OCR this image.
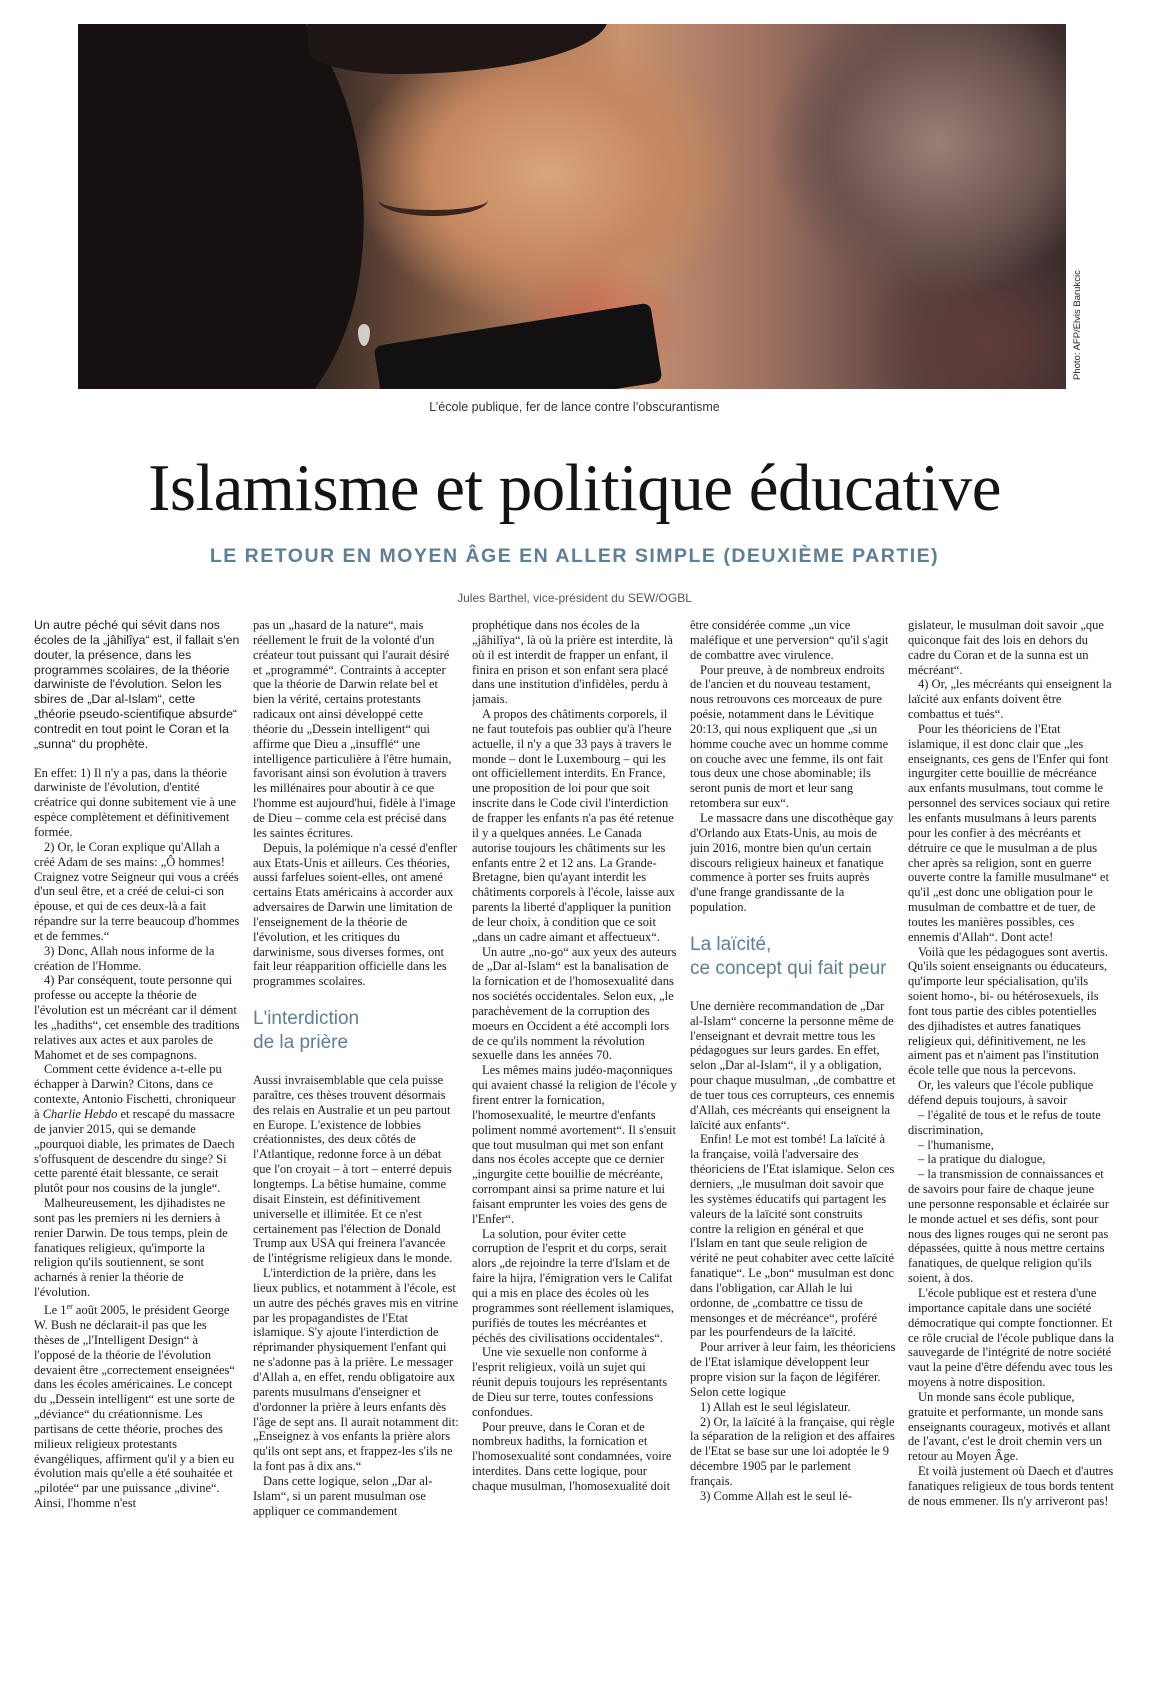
Photo: AFP/Elvis Barukcic
L’école publique, fer de lance contre l’obscurantisme
Islamisme et politique éducative
LE RETOUR EN MOYEN ÂGE EN ALLER SIMPLE (DEUXIÈME PARTIE)
Jules Barthel, vice-président du SEW/OGBL

Un autre péché qui sévit dans nos écoles de la „jâhilîya“ est, il fallait s'en douter, la présence, dans les programmes scolaires, de la théorie darwiniste de l'évolution. Selon les sbires de „Dar al-Islam“, cette „théorie pseudo-scientifique absurde“ contredit en tout point le Coran et la „sunna“ du prophète.

En effet: 1) Il n'y a pas, dans la théorie darwiniste de l'évolution, d'entité créatrice qui donne subitement vie à une espèce complètement et définitivement formée.

2) Or, le Coran explique qu'Allah a créé Adam de ses mains: „Ô hommes! Craignez votre Seigneur qui vous a créés d'un seul être, et a créé de celui-ci son épouse, et qui de ces deux-là a fait répandre sur la terre beaucoup d'hommes et de femmes.“

3) Donc, Allah nous informe de la création de l'Homme.

4) Par conséquent, toute personne qui professe ou accepte la théorie de l'évolution est un mécréant car il dément les „hadiths“, cet ensemble des traditions relatives aux actes et aux paroles de Mahomet et de ses compagnons.

Comment cette évidence a-t-elle pu échapper à Darwin? Citons, dans ce contexte, Antonio Fischetti, chroniqueur à Charlie Hebdo et rescapé du massacre de janvier 2015, qui se demande „pourquoi diable, les primates de Daech s'offusquent de descendre du singe? Si cette parenté était blessante, ce serait plutôt pour nos cousins de la jungle“.

Malheureusement, les djihadistes ne sont pas les premiers ni les derniers à renier Darwin. De tous temps, plein de fanatiques religieux, qu'importe la religion qu'ils soutiennent, se sont acharnés à renier la théorie de l'évolution.

Le 1er août 2005, le président George W. Bush ne déclarait-il pas que les thèses de „l'Intelligent Design“ à l'opposé de la théorie de l'évolution devaient être „correctement enseignées“ dans les écoles américaines. Le concept du „Dessein intelligent“ est une sorte de „déviance“ du créationnisme. Les partisans de cette théorie, proches des milieux religieux protestants évangéliques, affirment qu'il y a bien eu évolution mais qu'elle a été souhaitée et „pilotée“ par une puissance „divine“. Ainsi, l'homme n'est

pas un „hasard de la nature“, mais réellement le fruit de la volonté d'un créateur tout puissant qui l'aurait désiré et „programmé“. Contraints à accepter que la théorie de Darwin relate bel et bien la vérité, certains protestants radicaux ont ainsi développé cette théorie du „Dessein intelligent“ qui affirme que Dieu a „insufflé“ une intelligence particulière à l'être humain, favorisant ainsi son évolution à travers les millénaires pour aboutir à ce que l'homme est aujourd'hui, fidèle à l'image de Dieu – comme cela est précisé dans les saintes écritures.

Depuis, la polémique n'a cessé d'enfler aux Etats-Unis et ailleurs. Ces théories, aussi farfelues soient-elles, ont amené certains Etats américains à accorder aux adversaires de Darwin une limitation de l'enseignement de la théorie de l'évolution, et les critiques du darwinisme, sous diverses formes, ont fait leur réapparition officielle dans les programmes scolaires.

L'interdiction
de la prière

Aussi invraisemblable que cela puisse paraître, ces thèses trouvent désormais des relais en Australie et un peu partout en Europe. L'existence de lobbies créationnistes, des deux côtés de l'Atlantique, redonne force à un débat que l'on croyait – à tort – enterré depuis longtemps. La bêtise humaine, comme disait Einstein, est définitivement universelle et illimitée. Et ce n'est certainement pas l'élection de Donald Trump aux USA qui freinera l'avancée de l'intégrisme religieux dans le monde.

L'interdiction de la prière, dans les lieux publics, et notamment à l'école, est un autre des péchés graves mis en vitrine par les propagandistes de l'Etat islamique. S'y ajoute l'interdiction de réprimander physiquement l'enfant qui ne s'adonne pas à la prière. Le messager d'Allah a, en effet, rendu obligatoire aux parents musulmans d'enseigner et d'ordonner la prière à leurs enfants dès l'âge de sept ans. Il aurait notamment dit: „Enseignez à vos enfants la prière alors qu'ils ont sept ans, et frappez-les s'ils ne la font pas à dix ans.“

Dans cette logique, selon „Dar al-Islam“, si un parent musulman ose appliquer ce commandement

prophétique dans nos écoles de la „jâhilîya“, là où la prière est interdite, là où il est interdit de frapper un enfant, il finira en prison et son enfant sera placé dans une institution d'infidèles, perdu à jamais.

A propos des châtiments corporels, il ne faut toutefois pas oublier qu'à l'heure actuelle, il n'y a que 33 pays à travers le monde – dont le Luxembourg – qui les ont officiellement interdits. En France, une proposition de loi pour que soit inscrite dans le Code civil l'interdiction de frapper les enfants n'a pas été retenue il y a quelques années. Le Canada autorise toujours les châtiments sur les enfants entre 2 et 12 ans. La Grande-Bretagne, bien qu'ayant interdit les châtiments corporels à l'école, laisse aux parents la liberté d'appliquer la punition de leur choix, à condition que ce soit „dans un cadre aimant et affectueux“.

Un autre „no-go“ aux yeux des auteurs de „Dar al-Islam“ est la banalisation de la fornication et de l'homosexualité dans nos sociétés occidentales. Selon eux, „le parachèvement de la corruption des moeurs en Occident a été accompli lors de ce qu'ils nomment la révolution sexuelle dans les années 70.

Les mêmes mains judéo-maçonniques qui avaient chassé la religion de l'école y firent entrer la fornication, l'homosexualité, le meurtre d'enfants poliment nommé avortement“. Il s'ensuit que tout musulman qui met son enfant dans nos écoles accepte que ce dernier „ingurgite cette bouillie de mécréante, corrompant ainsi sa prime nature et lui faisant emprunter les voies des gens de l'Enfer“.

La solution, pour éviter cette corruption de l'esprit et du corps, serait alors „de rejoindre la terre d'Islam et de faire la hijra, l'émigration vers le Califat qui a mis en place des écoles où les programmes sont réellement islamiques, purifiés de toutes les mécréantes et péchés des civilisations occidentales“.

Une vie sexuelle non conforme à l'esprit religieux, voilà un sujet qui réunit depuis toujours les représentants de Dieu sur terre, toutes confessions confondues.

Pour preuve, dans le Coran et de nombreux hadiths, la fornication et l'homosexualité sont condamnées, voire interdites. Dans cette logique, pour chaque musulman, l'homosexualité doit

être considérée comme „un vice maléfique et une perversion“ qu'il s'agit de combattre avec virulence.

Pour preuve, à de nombreux endroits de l'ancien et du nouveau testament, nous retrouvons ces morceaux de pure poésie, notamment dans le Lévitique 20:13, qui nous expliquent que „si un homme couche avec un homme comme on couche avec une femme, ils ont fait tous deux une chose abominable; ils seront punis de mort et leur sang retombera sur eux“.

Le massacre dans une discothèque gay d'Orlando aux Etats-Unis, au mois de juin 2016, montre bien qu'un certain discours religieux haineux et fanatique commence à porter ses fruits auprès d'une frange grandissante de la population.

La laïcité,
ce concept qui fait peur

Une dernière recommandation de „Dar al-Islam“ concerne la personne même de l'enseignant et devrait mettre tous les pédagogues sur leurs gardes. En effet, selon „Dar al-Islam“, il y a obligation, pour chaque musulman, „de combattre et de tuer tous ces corrupteurs, ces ennemis d'Allah, ces mécréants qui enseignent la laïcité aux enfants“.

Enfin! Le mot est tombé! La laïcité à la française, voilà l'adversaire des théoriciens de l'Etat islamique. Selon ces derniers, „le musulman doit savoir que les systèmes éducatifs qui partagent les valeurs de la laïcité sont construits contre la religion en général et que l'Islam en tant que seule religion de vérité ne peut cohabiter avec cette laïcité fanatique“. Le „bon“ musulman est donc dans l'obligation, car Allah le lui ordonne, de „combattre ce tissu de mensonges et de mécréance“, proféré par les pourfendeurs de la laïcité.

Pour arriver à leur faim, les théoriciens de l'Etat islamique développent leur propre vision sur la façon de légiférer. Selon cette logique

1) Allah est le seul législateur.

2) Or, la laïcité à la française, qui règle la séparation de la religion et des affaires de l'Etat se base sur une loi adoptée le 9 décembre 1905 par le parlement français.

3) Comme Allah est le seul lé-

gislateur, le musulman doit savoir „que quiconque fait des lois en dehors du cadre du Coran et de la sunna est un mécréant“.

4) Or, „les mécréants qui enseignent la laïcité aux enfants doivent être combattus et tués“.

Pour les théoriciens de l'Etat islamique, il est donc clair que „les enseignants, ces gens de l'Enfer qui font ingurgiter cette bouillie de mécréance aux enfants musulmans, tout comme le personnel des services sociaux qui retire les enfants musulmans à leurs parents pour les confier à des mécréants et détruire ce que le musulman a de plus cher après sa religion, sont en guerre ouverte contre la famille musulmane“ et qu'il „est donc une obligation pour le musulman de combattre et de tuer, de toutes les manières possibles, ces ennemis d'Allah“. Dont acte!

Voilà que les pédagogues sont avertis. Qu'ils soient enseignants ou éducateurs, qu'importe leur spécialisation, qu'ils soient homo-, bi- ou hétérosexuels, ils font tous partie des cibles potentielles des djihadistes et autres fanatiques religieux qui, définitivement, ne les aiment pas et n'aiment pas l'institution école telle que nous la percevons.

Or, les valeurs que l'école publique défend depuis toujours, à savoir

– l'égalité de tous et le refus de toute discrimination,

– l'humanisme,

– la pratique du dialogue,

– la transmission de connaissances et de savoirs pour faire de chaque jeune une personne responsable et éclairée sur le monde actuel et ses défis, sont pour nous des lignes rouges qui ne seront pas dépassées, quitte à nous mettre certains fanatiques, de quelque religion qu'ils soient, à dos.

L'école publique est et restera d'une importance capitale dans une société démocratique qui compte fonctionner. Et ce rôle crucial de l'école publique dans la sauvegarde de l'intégrité de notre société vaut la peine d'être défendu avec tous les moyens à notre disposition.

Un monde sans école publique, gratuite et performante, un monde sans enseignants courageux, motivés et allant de l'avant, c'est le droit chemin vers un retour au Moyen Âge.

Et voilà justement où Daech et d'autres fanatiques religieux de tous bords tentent de nous emmener. Ils n'y arriveront pas!
